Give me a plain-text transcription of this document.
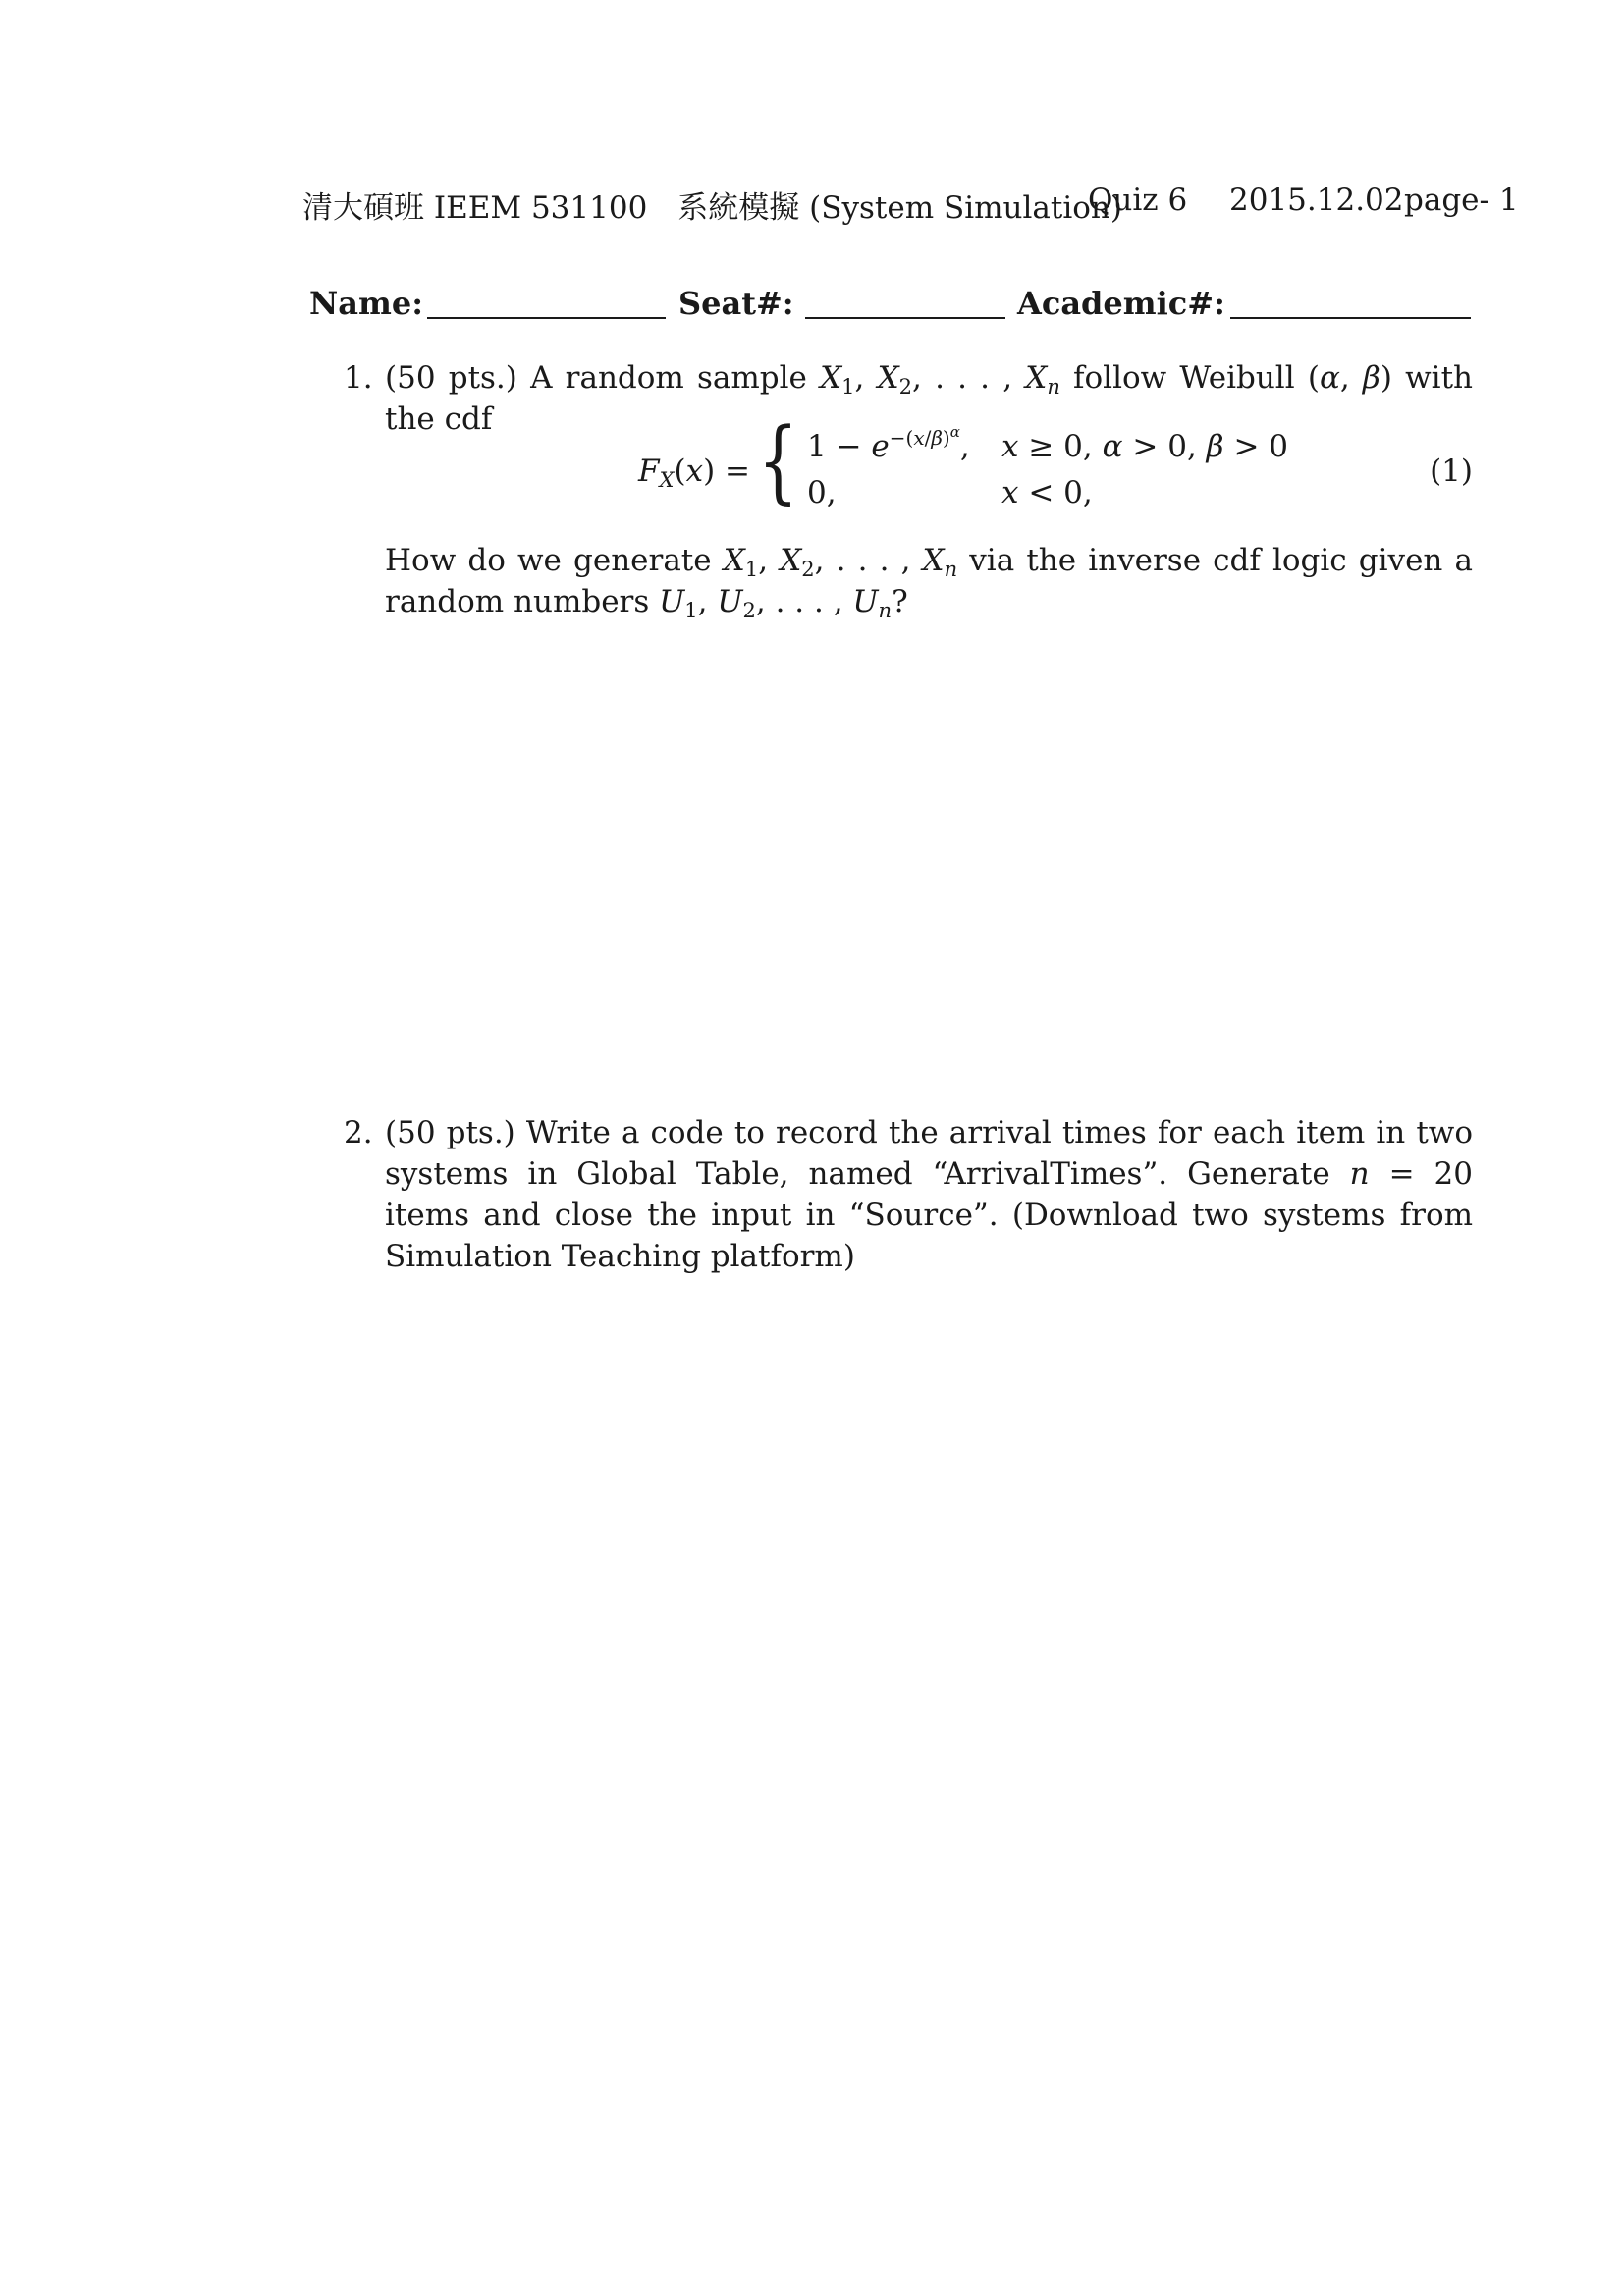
清大碩班 IEEM 531100　系統模擬 (System Simulation)
Quiz 6 2015.12.02 page- 1
Name:	Seat#:	Academic#:
1. (50 pts.) A random sample $X_1$, $X_2$, . . . , $X_n$ follow Weibull (α, β) with the cdf
$F_X(x)$ = { $1 - e^{-(x/\beta)^\alpha}$, x ≥ 0, α > 0, β > 0
0,	x < 0,
(1)
How do we generate $X_1$, $X_2$, . . . , $X_n$ via the inverse cdf logic given a random numbers $U_1$, $U_2$, . . . , $U_n$?
2. (50 pts.) Write a code to record the arrival times for each item in two systems in Global Table, named “ArrivalTimes”. Generate n = 20 items and close the input in “Source”. (Download two systems from Simulation Teaching platform)
